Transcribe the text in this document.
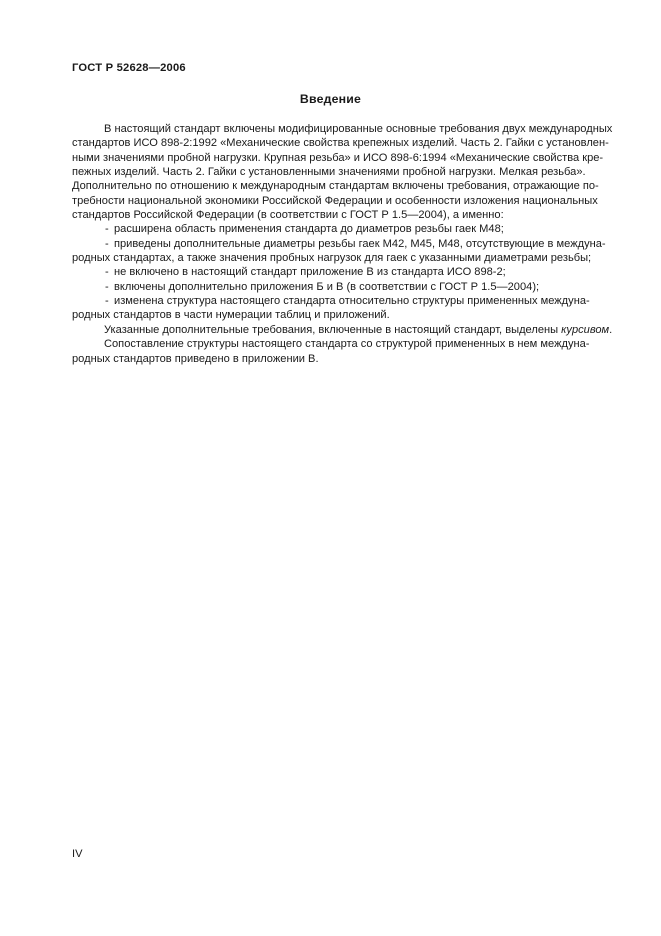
ГОСТ Р 52628—2006
Введение
В настоящий стандарт включены модифицированные основные требования двух международных
стандартов ИСО 898-2:1992 «Механические свойства крепежных изделий. Часть 2. Гайки с установлен-
ными значениями пробной нагрузки. Крупная резьба» и ИСО 898-6:1994 «Механические свойства кре-
пежных изделий. Часть 2. Гайки с установленными значениями пробной нагрузки. Мелкая резьба».
Дополнительно по отношению к международным стандартам включены требования, отражающие по-
требности национальной экономики Российской Федерации и особенности изложения национальных
стандартов Российской Федерации (в соответствии с ГОСТ Р 1.5—2004), а именно:
- расширена область применения стандарта до диаметров резьбы гаек М48;
- приведены дополнительные диаметры резьбы гаек М42, М45, М48, отсутствующие в междуна-
родных стандартах, а также значения пробных нагрузок для гаек с указанными диаметрами резьбы;
- не включено в настоящий стандарт приложение В из стандарта ИСО 898-2;
- включены дополнительно приложения Б и В (в соответствии с ГОСТ Р 1.5—2004);
- изменена структура настоящего стандарта относительно структуры примененных междуна-
родных стандартов в части нумерации таблиц и приложений.
Указанные дополнительные требования, включенные в настоящий стандарт, выделены курсивом.
Сопоставление структуры настоящего стандарта со структурой примененных в нем междуна-
родных стандартов приведено в приложении В.
IV
